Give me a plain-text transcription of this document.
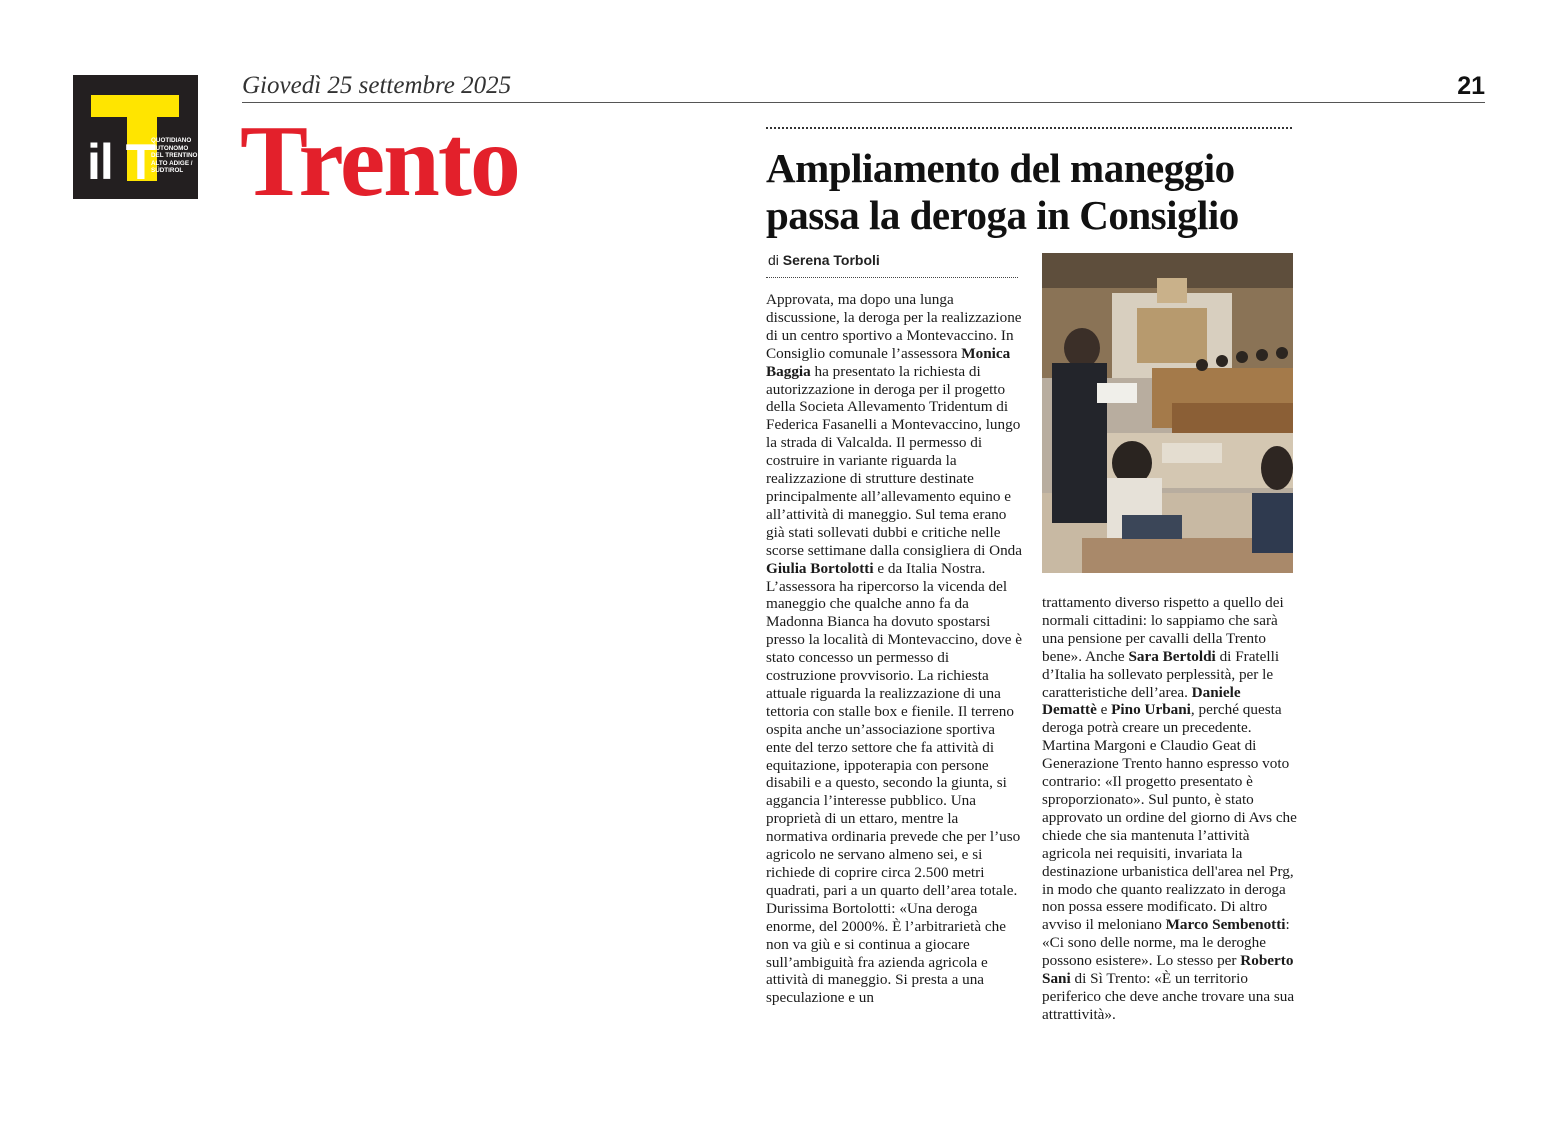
il T
QUOTIDIANO
AUTONOMO
DEL TRENTINO
ALTO ADIGE /
SÜDTIROL
Giovedì 25 settembre 2025	21
Trento	Ampliamento del maneggio passa la deroga in Consiglio
di Serena Torboli

Approvata, ma dopo una lunga discussione, la deroga per la realizzazione di un centro sportivo a Montevaccino. In Consiglio comunale l’assessora Monica Baggia ha presentato la richiesta di autorizzazione in deroga per il progetto della Societa Allevamento Tridentum di Federica Fasanelli a Montevaccino, lungo la strada di Valcalda. Il permesso di costruire in variante riguarda la realizzazione di strutture destinate principalmente all’allevamento equino e all’attività di maneggio. Sul tema erano già stati sollevati dubbi e critiche nelle scorse settimane dalla consigliera di Onda Giulia Bortolotti e da Italia Nostra. L’assessora ha ripercorso la vicenda del maneggio che qualche anno fa da Madonna Bianca ha dovuto spostarsi presso la località di Montevaccino, dove è stato concesso un permesso di costruzione provvisorio. La richiesta attuale riguarda la realizzazione di una tettoria con stalle box e fienile. Il terreno ospita anche un’associazione sportiva ente del terzo settore che fa attività di equitazione, ippoterapia con persone disabili e a questo, secondo la giunta, si aggancia l’interesse pubblico. Una proprietà di un ettaro, mentre la normativa ordinaria prevede che per l’uso agricolo ne servano almeno sei, e si richiede di coprire circa 2.500 metri quadrati, pari a un quarto dell’area totale. Durissima Bortolotti: «Una deroga enorme, del 2000%. È l’arbitrarietà che non va giù e si continua a giocare sull’ambiguità fra azienda agricola e attività di maneggio. Si presta a una speculazione e un

trattamento diverso rispetto a quello dei normali cittadini: lo sappiamo che sarà una pensione per cavalli della Trento bene». Anche Sara Bertoldi di Fratelli d’Italia ha sollevato perplessità, per le caratteristiche dell’area. Daniele Demattè e Pino Urbani, perché questa deroga potrà creare un precedente. Martina Margoni e Claudio Geat di Generazione Trento hanno espresso voto contrario: «Il progetto presentato è sproporzionato». Sul punto, è stato approvato un ordine del giorno di Avs che chiede che sia mantenuta l’attività agricola nei requisiti, invariata la destinazione urbanistica dell'area nel Prg, in modo che quanto realizzato in deroga non possa essere modificato. Di altro avviso il meloniano Marco Sembenotti: «Ci sono delle norme, ma le deroghe possono esistere». Lo stesso per Roberto Sani di Sì Trento: «È un territorio periferico che deve anche trovare una sua attrattività».
